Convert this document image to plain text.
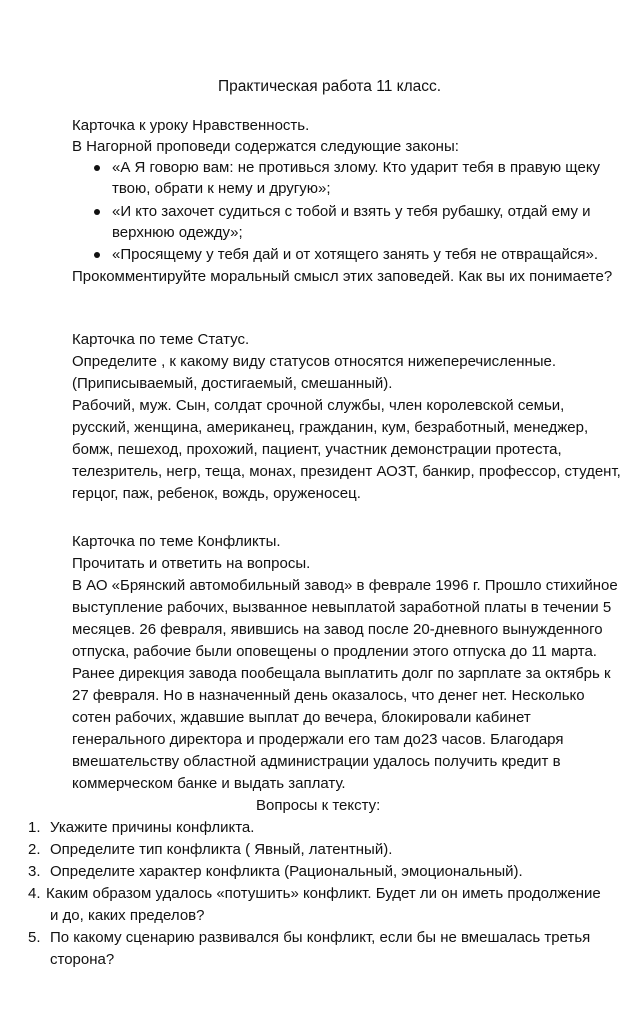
Практическая работа 11 класс.
Карточка к уроку Нравственность.
В Нагорной проповеди содержатся следующие законы:
«А Я говорю вам: не противься злому. Кто ударит тебя в правую щеку
твою, обрати к нему и другую»;
«И кто захочет судиться с тобой и взять у тебя рубашку, отдай ему и
верхнюю одежду»;
«Просящему у тебя дай и от хотящего занять у тебя не отвращайся».
Прокомментируйте моральный смысл этих заповедей. Как вы их понимаете?
Карточка по теме Статус.
Определите , к какому виду статусов относятся нижеперечисленные.
(Приписываемый, достигаемый, смешанный).
Рабочий, муж. Сын, солдат срочной службы, член королевской семьи,
русский, женщина, американец, гражданин, кум, безработный, менеджер,
бомж, пешеход, прохожий, пациент, участник демонстрации протеста,
телезритель, негр, теща, монах, президент АОЗТ, банкир, профессор, студент,
герцог, паж, ребенок, вождь, оруженосец.
Карточка по теме Конфликты.
Прочитать и ответить на вопросы.
В АО «Брянский автомобильный завод» в феврале 1996 г. Прошло стихийное
выступление рабочих, вызванное невыплатой заработной платы в течении 5
месяцев. 26 февраля, явившись на завод после 20-дневного вынужденного
отпуска, рабочие были оповещены о продлении этого отпуска до 11 марта.
Ранее дирекция завода пообещала выплатить долг по зарплате за октябрь к
27 февраля. Но в назначенный день оказалось, что денег нет. Несколько
сотен рабочих, ждавшие выплат до вечера, блокировали кабинет
генерального директора и продержали его там до23 часов. Благодаря
вмешательству областной администрации удалось получить кредит в
коммерческом банке и выдать заплату.
Вопросы к тексту:
1. Укажите причины конфликта.
2. Определите тип конфликта ( Явный, латентный).
3. Определите характер конфликта (Рациональный, эмоциональный).
4. Каким образом удалось «потушить» конфликт. Будет ли он иметь продолжение
и до, каких пределов?
5. По какому сценарию развивался бы конфликт, если бы не вмешалась третья
сторона?
